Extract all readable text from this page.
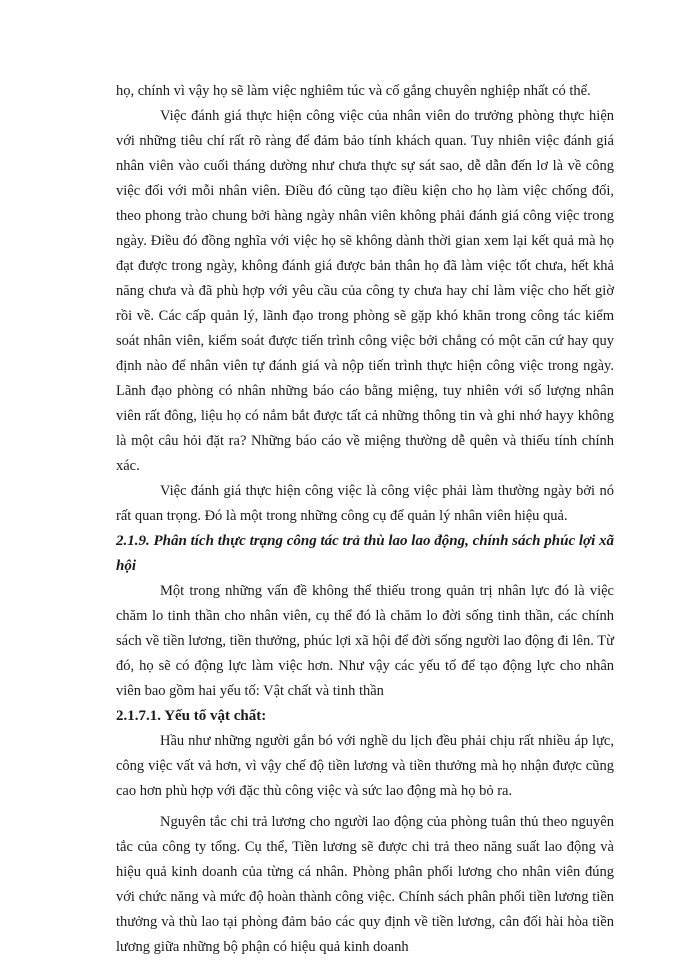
họ, chính vì vậy họ sẽ làm việc nghiêm túc và cố gắng chuyên nghiệp nhất có thể.

Việc đánh giá thực hiện công việc của nhân viên do trưởng phòng thực hiện với những tiêu chí rất rõ ràng để đảm bảo tính khách quan. Tuy nhiên việc đánh giá nhân viên vào cuối tháng dường như chưa thực sự sát sao, dễ dẫn đến lơ là về công việc đối với mỗi nhân viên. Điều đó cũng tạo điều kiện cho họ làm việc chống đối, theo phong trào chung bởi hàng ngày nhân viên không phải đánh giá công việc trong ngày. Điều đó đồng nghĩa với việc họ sẽ không dành thời gian xem lại kết quả mà họ đạt được trong ngày, không đánh giá được bản thân họ đã làm việc tốt chưa, hết khả năng chưa và đã phù hợp với yêu cầu của công ty chưa hay chỉ làm việc cho hết giờ rồi về. Các cấp quản lý, lãnh đạo trong phòng sẽ gặp khó khăn trong công tác kiểm soát nhân viên, kiểm soát được tiến trình công việc bởi chẳng có một căn cứ hay quy định nào để nhân viên tự đánh giá và nộp tiến trình thực hiện công việc trong ngày. Lãnh đạo phòng có nhân những báo cáo bằng miệng, tuy nhiên với số lượng nhân viên rất đông, liệu họ có nắm bắt được tất cả những thông tin và ghi nhớ hayy không là một câu hỏi đặt ra? Những báo cáo về miệng thường dễ quên và thiếu tính chính xác.

Việc đánh giá thực hiện công việc là công việc phải làm thường ngày bởi nó rất quan trọng. Đó là một trong những công cụ để quản lý nhân viên hiệu quả.

2.1.9. Phân tích thực trạng công tác trả thù lao lao động, chính sách phúc lợi xã hội

Một trong những vấn đề không thể thiếu trong quản trị nhân lực đó là việc chăm lo tinh thần cho nhân viên, cụ thể đó là chăm lo đời sống tinh thần, các chính sách về tiền lương, tiền thưởng, phúc lợi xã hội để đời sống người lao động đi lên. Từ đó, họ sẽ có động lực làm việc hơn. Như vậy các yếu tố để tạo động lực cho nhân viên bao gồm hai yếu tố: Vật chất và tinh thần

2.1.7.1. Yếu tố vật chất:

Hầu như những người gắn bó với nghề du lịch đều phải chịu rất nhiều áp lực, công việc vất vả hơn, vì vậy chế độ tiền lương và tiền thưởng mà họ nhận được cũng cao hơn phù hợp với đặc thù công việc và sức lao động mà họ bỏ ra.

Nguyên tắc chi trả lương cho người lao động của phòng tuân thủ theo nguyên tắc của công ty tổng. Cụ thể, Tiền lương sẽ được chi trả theo năng suất lao động và hiệu quả kinh doanh của từng cá nhân. Phòng phân phối lương cho nhân viên đúng với chức năng và mức độ hoàn thành công việc. Chính sách phân phối tiền lương tiền thưởng và thù lao tại phòng đảm bảo các quy định về tiền lương, cân đối hài hòa tiền lương giữa những bộ phận có hiệu quả kinh doanh
